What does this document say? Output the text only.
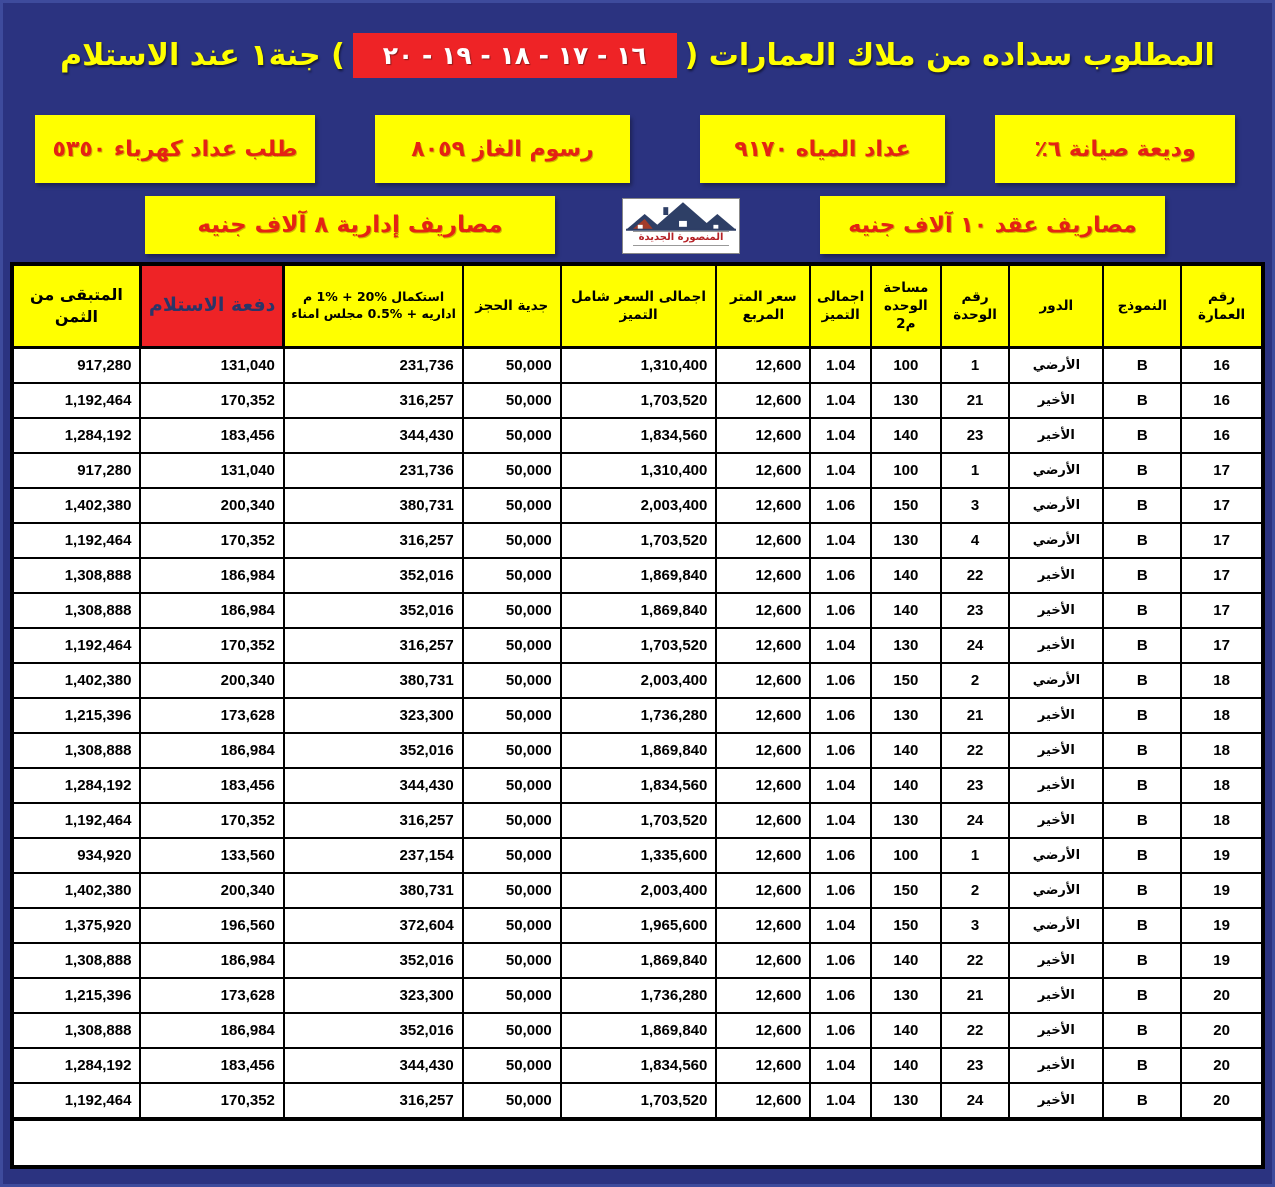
المطلوب سداده من ملاك العمارات (
١٦ - ١٧ - ١٨ - ١٩ - ٢٠
) جنة١ عند الاستلام
وديعة صيانة ٦٪
عداد المياه ٩١٧٠
رسوم الغاز ٨٠٥٩
طلب عداد كهرباء ٥٣٥٠
مصاريف عقد ١٠ آلاف جنيه
المنصورة الجديدة
مصاريف إدارية ٨ آلاف جنيه
رقم العمارة	النموذج	الدور	رقم الوحدة	مساحة الوحده م2	اجمالى التميز	سعر المتر المربع	اجمالى السعر شامل التميز	جدية الحجز	استكمال %20 + %1 م اداريه + %0.5 مجلس امناء	دفعة الاستلام	المتبقى من الثمن
16	B	الأرضي	1	100	1.04	12,600	1,310,400	50,000	231,736	131,040	917,280
16	B	الأخير	21	130	1.04	12,600	1,703,520	50,000	316,257	170,352	1,192,464
16	B	الأخير	23	140	1.04	12,600	1,834,560	50,000	344,430	183,456	1,284,192
17	B	الأرضي	1	100	1.04	12,600	1,310,400	50,000	231,736	131,040	917,280
17	B	الأرضي	3	150	1.06	12,600	2,003,400	50,000	380,731	200,340	1,402,380
17	B	الأرضي	4	130	1.04	12,600	1,703,520	50,000	316,257	170,352	1,192,464
17	B	الأخير	22	140	1.06	12,600	1,869,840	50,000	352,016	186,984	1,308,888
17	B	الأخير	23	140	1.06	12,600	1,869,840	50,000	352,016	186,984	1,308,888
17	B	الأخير	24	130	1.04	12,600	1,703,520	50,000	316,257	170,352	1,192,464
18	B	الأرضي	2	150	1.06	12,600	2,003,400	50,000	380,731	200,340	1,402,380
18	B	الأخير	21	130	1.06	12,600	1,736,280	50,000	323,300	173,628	1,215,396
18	B	الأخير	22	140	1.06	12,600	1,869,840	50,000	352,016	186,984	1,308,888
18	B	الأخير	23	140	1.04	12,600	1,834,560	50,000	344,430	183,456	1,284,192
18	B	الأخير	24	130	1.04	12,600	1,703,520	50,000	316,257	170,352	1,192,464
19	B	الأرضي	1	100	1.06	12,600	1,335,600	50,000	237,154	133,560	934,920
19	B	الأرضي	2	150	1.06	12,600	2,003,400	50,000	380,731	200,340	1,402,380
19	B	الأرضي	3	150	1.04	12,600	1,965,600	50,000	372,604	196,560	1,375,920
19	B	الأخير	22	140	1.06	12,600	1,869,840	50,000	352,016	186,984	1,308,888
20	B	الأخير	21	130	1.06	12,600	1,736,280	50,000	323,300	173,628	1,215,396
20	B	الأخير	22	140	1.06	12,600	1,869,840	50,000	352,016	186,984	1,308,888
20	B	الأخير	23	140	1.04	12,600	1,834,560	50,000	344,430	183,456	1,284,192
20	B	الأخير	24	130	1.04	12,600	1,703,520	50,000	316,257	170,352	1,192,464
